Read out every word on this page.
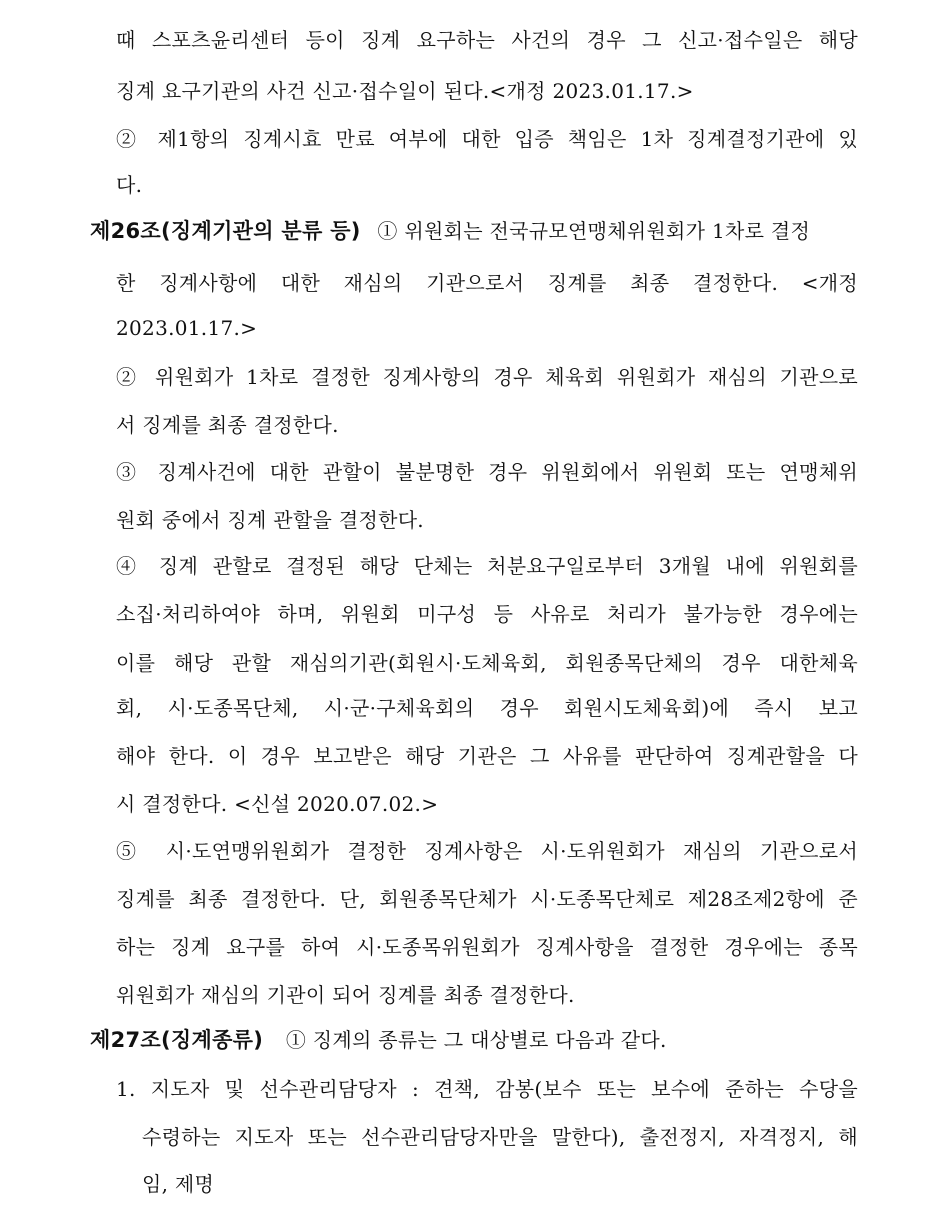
때 스포츠윤리센터 등이 징계 요구하는 사건의 경우 그 신고·접수일은 해당
징계 요구기관의 사건 신고·접수일이 된다.<개정 2023.01.17.>
② 제1항의 징계시효 만료 여부에 대한 입증 책임은 1차 징계결정기관에 있
다.
제26조(징계기관의 분류 등) ① 위원회는 전국규모연맹체위원회가 1차로 결정
한 징계사항에 대한 재심의 기관으로서 징계를 최종 결정한다. <개정
2023.01.17.>
② 위원회가 1차로 결정한 징계사항의 경우 체육회 위원회가 재심의 기관으로
서 징계를 최종 결정한다.
③ 징계사건에 대한 관할이 불분명한 경우 위원회에서 위원회 또는 연맹체위
원회 중에서 징계 관할을 결정한다.
④ 징계 관할로 결정된 해당 단체는 처분요구일로부터 3개월 내에 위원회를
소집·처리하여야 하며, 위원회 미구성 등 사유로 처리가 불가능한 경우에는
이를 해당 관할 재심의기관(회원시·도체육회, 회원종목단체의 경우 대한체육
회, 시·도종목단체, 시·군·구체육회의 경우 회원시도체육회)에 즉시 보고
해야 한다. 이 경우 보고받은 해당 기관은 그 사유를 판단하여 징계관할을 다
시 결정한다. <신설 2020.07.02.>
⑤ 시·도연맹위원회가 결정한 징계사항은 시·도위원회가 재심의 기관으로서
징계를 최종 결정한다. 단, 회원종목단체가 시·도종목단체로 제28조제2항에 준
하는 징계 요구를 하여 시·도종목위원회가 징계사항을 결정한 경우에는 종목
위원회가 재심의 기관이 되어 징계를 최종 결정한다.
제27조(징계종류) ① 징계의 종류는 그 대상별로 다음과 같다.
1. 지도자 및 선수관리담당자 : 견책, 감봉(보수 또는 보수에 준하는 수당을
수령하는 지도자 또는 선수관리담당자만을 말한다), 출전정지, 자격정지, 해
임, 제명
